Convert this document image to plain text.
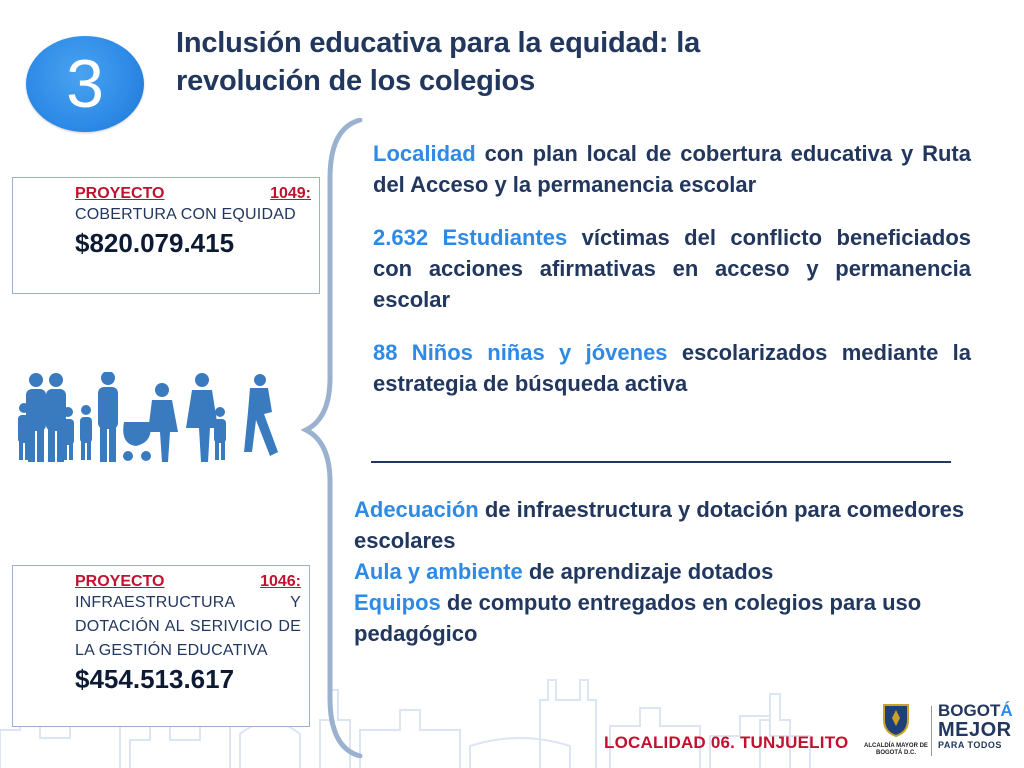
3
Inclusión educativa para la equidad: la revolución de los colegios
PROYECTO	1049:
COBERTURA CON EQUIDAD
$820.079.415
PROYECTO	1046:
INFRAESTRUCTURA Y DOTACIÓN AL SERIVICIO DE LA GESTIÓN EDUCATIVA
$454.513.617

Localidad con plan local de cobertura educativa y Ruta del Acceso y la permanencia escolar

2.632 Estudiantes víctimas del conflicto beneficiados con acciones afirmativas en acceso y permanencia escolar

88 Niños niñas y jóvenes escolarizados mediante la estrategia de búsqueda activa

Adecuación de infraestructura y dotación para comedores escolares

Aula y ambiente de aprendizaje dotados

Equipos de computo entregados en colegios para uso pedagógico

LOCALIDAD 06. TUNJUELITO	ALCALDÍA MAYOR DE BOGOTÁ D.C.
BOGOTÁ
MEJOR
PARA TODOS
